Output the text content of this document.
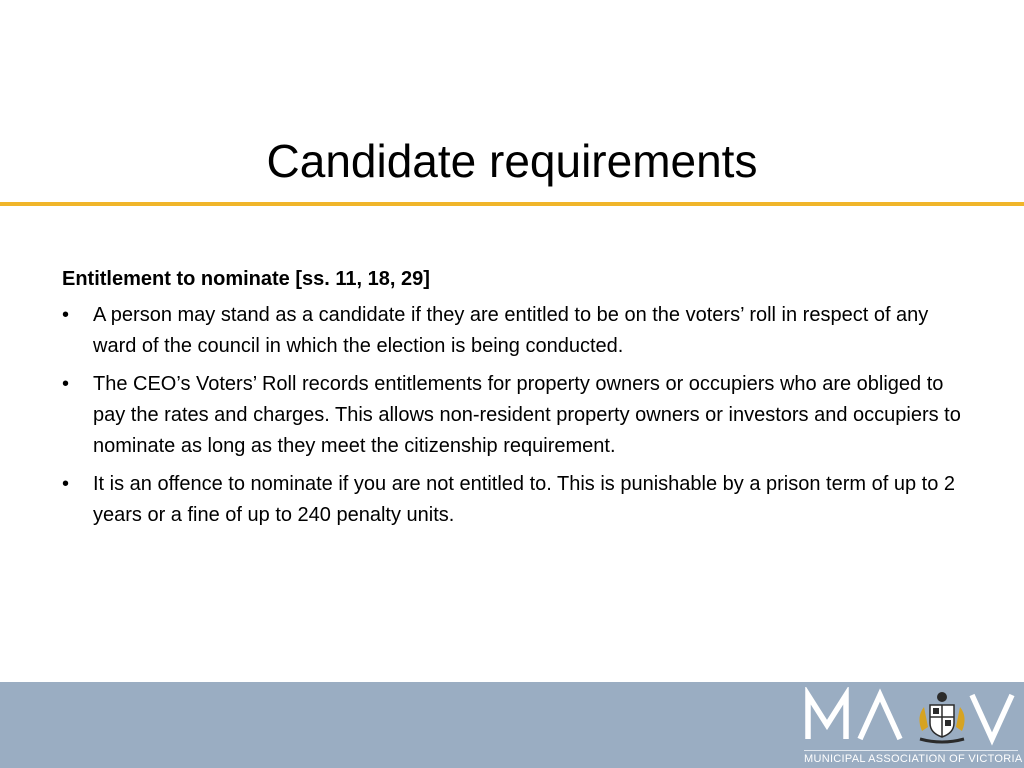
Candidate requirements
Entitlement to nominate [ss. 11, 18, 29]
• A person may stand as a candidate if they are entitled to be on the voters’ roll in respect of any ward of the council in which the election is being conducted.
• The CEO’s Voters’ Roll records entitlements for property owners or occupiers who are obliged to pay the rates and charges. This allows non-resident property owners or investors and occupiers to nominate as long as they meet the citizenship requirement.
• It is an offence to nominate if you are not entitled to. This is punishable by a prison term of up to 2 years or a fine of up to 240 penalty units.
MUNICIPAL ASSOCIATION OF VICTORIA
